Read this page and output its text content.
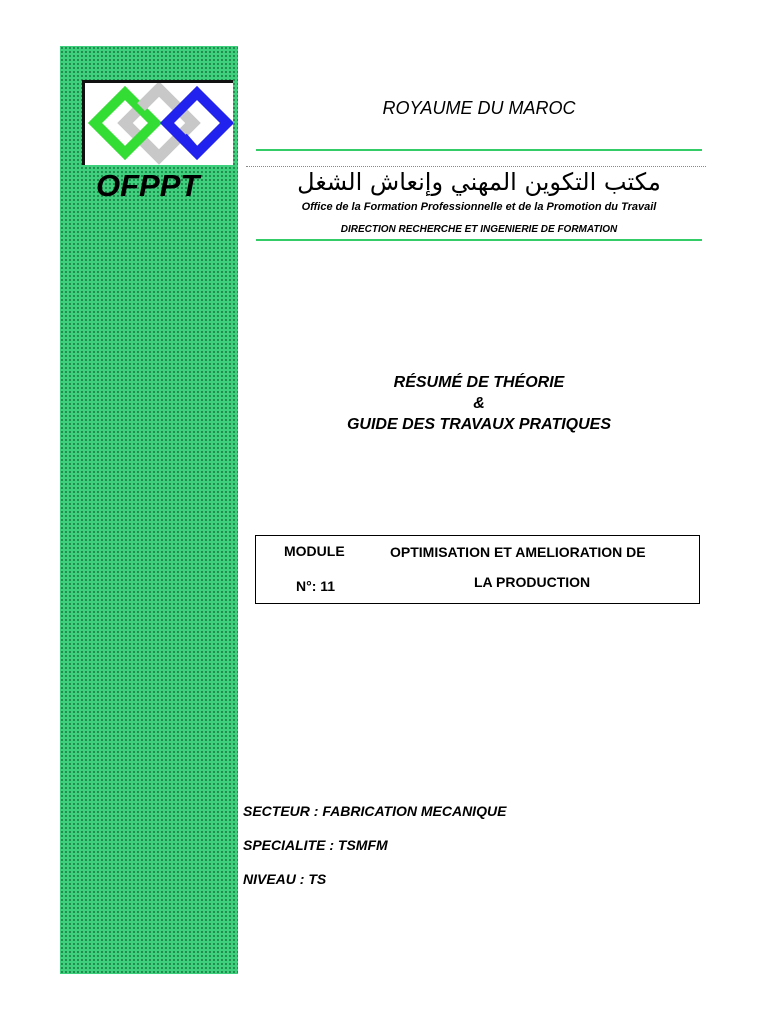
OFPPT
ROYAUME DU MAROC
مكتب التكوين المهني وإنعاش الشغل
Office de la Formation Professionnelle et de la Promotion du Travail
DIRECTION RECHERCHE ET INGENIERIE DE FORMATION
RÉSUMÉ DE THÉORIE
&
GUIDE DES TRAVAUX PRATIQUES
MODULE
N°: 11
OPTIMISATION ET AMELIORATION DE
LA PRODUCTION
SECTEUR : FABRICATION MECANIQUE
SPECIALITE : TSMFM
NIVEAU : TS
